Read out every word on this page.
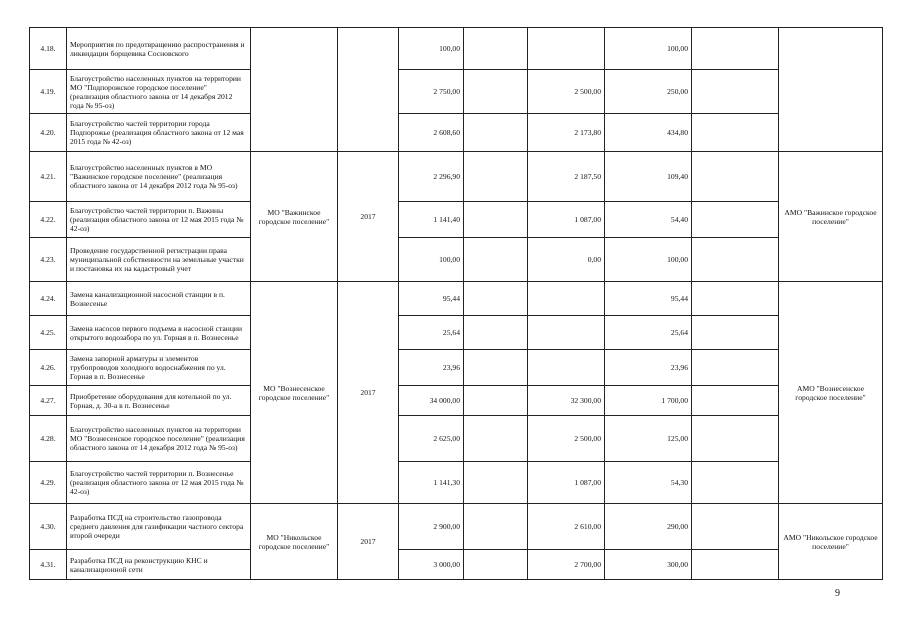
4.18.	Мероприятия по предотвращению распространения и ликвидации борщевика Сосновского			100,00			100,00		
4.19.	Благоустройство населенных пунктов на территории МО "Подпорожское городское поселение" (реализация областного закона от 14 декабря 2012 года № 95-оз)			2 750,00		2 500,00	250,00		
4.20.	Благоустройство частей территории города Подпорожье (реализация областного закона от 12 мая 2015 года № 42-оз)			2 608,60		2 173,80	434,80		
4.21.	Благоустройство населенных пунктов в МО "Важинское городское поселение" (реализация областного закона от 14 декабря 2012 года № 95-оз)	МО "Важинское городское поселение"	2017	2 296,90		2 187,50	109,40		АМО "Важинское городское поселение"
4.22.	Благоустройство частей территории п. Важины (реализация областного закона от 12 мая 2015 года № 42-оз)			1 141,40		1 087,00	54,40		
4.23.	Проведение государственной регистрации права муниципальной собственности на земельные участки и постановка их на кадастровый учет			100,00		0,00	100,00		
4.24.	Замена канализационной насосной станции в п. Вознесенье	МО "Вознесенское городское поселение"	2017	95,44			95,44		АМО "Вознесенское городское поселение"
4.25.	Замена насосов первого подъема в насосной станции открытого водозабора по ул. Горная в п. Вознесенье			25,64			25,64		
4.26.	Замена запорной арматуры и элементов трубопроводов холодного водоснабжения по ул. Горная в п. Вознесенье			23,96			23,96		
4.27.	Приобретение оборудования для котельной по ул. Горная, д. 30-а в п. Вознесенье			34 000,00		32 300,00	1 700,00		
4.28.	Благоустройство населенных пунктов на территории МО "Вознесенское городское поселение" (реализация областного закона от 14 декабря 2012 года № 95-оз)			2 625,00		2 500,00	125,00		
4.29.	Благоустройство частей территории п. Вознесенье (реализация областного закона от 12 мая 2015 года № 42-оз)			1 141,30		1 087,00	54,30		
4.30.	Разработка ПСД на строительство газопровода среднего давления для газификации частного сектора второй очереди	МО "Никольское городское поселение"	2017	2 900,00		2 610,00	290,00		АМО "Никольское городское поселение"
4.31.	Разработка ПСД на реконструкцию КНС и канализационной сети			3 000,00		2 700,00	300,00		
9
